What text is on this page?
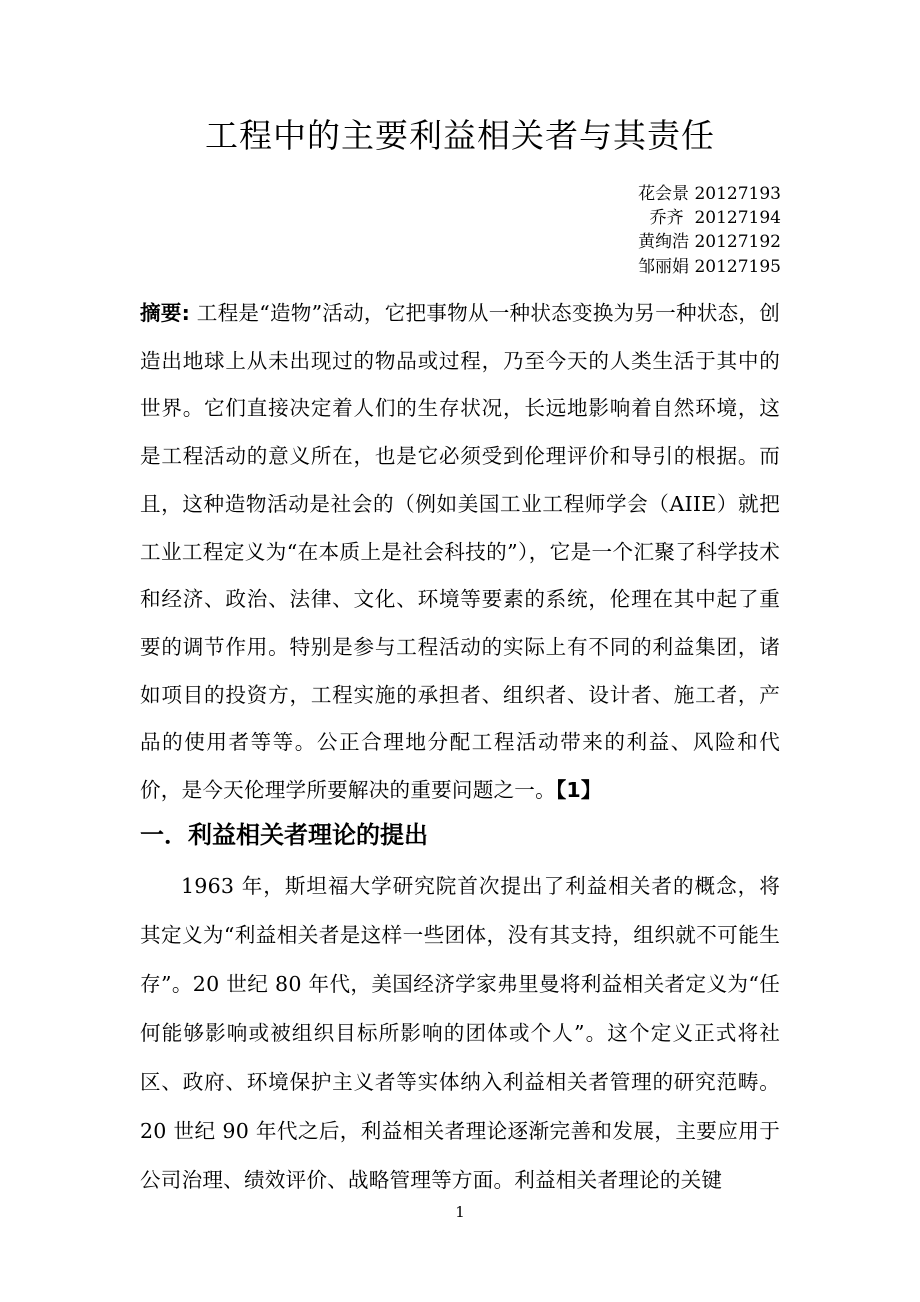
工程中的主要利益相关者与其责任
花会景 20127193
乔齐  20127194
黄绚浩 20127192
邹丽娟 20127195
摘要: 工程是“造物”活动，它把事物从一种状态变换为另一种状态，创造出地球上从未出现过的物品或过程，乃至今天的人类生活于其中的世界。它们直接决定着人们的生存状况，长远地影响着自然环境，这是工程活动的意义所在，也是它必须受到伦理评价和导引的根据。而且，这种造物活动是社会的（例如美国工业工程师学会（AIIE）就把工业工程定义为“在本质上是社会科技的”），它是一个汇聚了科学技术和经济、政治、法律、文化、环境等要素的系统，伦理在其中起了重要的调节作用。特别是参与工程活动的实际上有不同的利益集团，诸如项目的投资方，工程实施的承担者、组织者、设计者、施工者，产品的使用者等等。公正合理地分配工程活动带来的利益、风险和代价，是今天伦理学所要解决的重要问题之一。【1】
一．利益相关者理论的提出
1963 年，斯坦福大学研究院首次提出了利益相关者的概念，将其定义为“利益相关者是这样一些团体，没有其支持，组织就不可能生存”。20 世纪 80 年代，美国经济学家弗里曼将利益相关者定义为“任何能够影响或被组织目标所影响的团体或个人”。这个定义正式将社区、政府、环境保护主义者等实体纳入利益相关者管理的研究范畴。20 世纪 90 年代之后，利益相关者理论逐渐完善和发展，主要应用于公司治理、绩效评价、战略管理等方面。利益相关者理论的关键
1
